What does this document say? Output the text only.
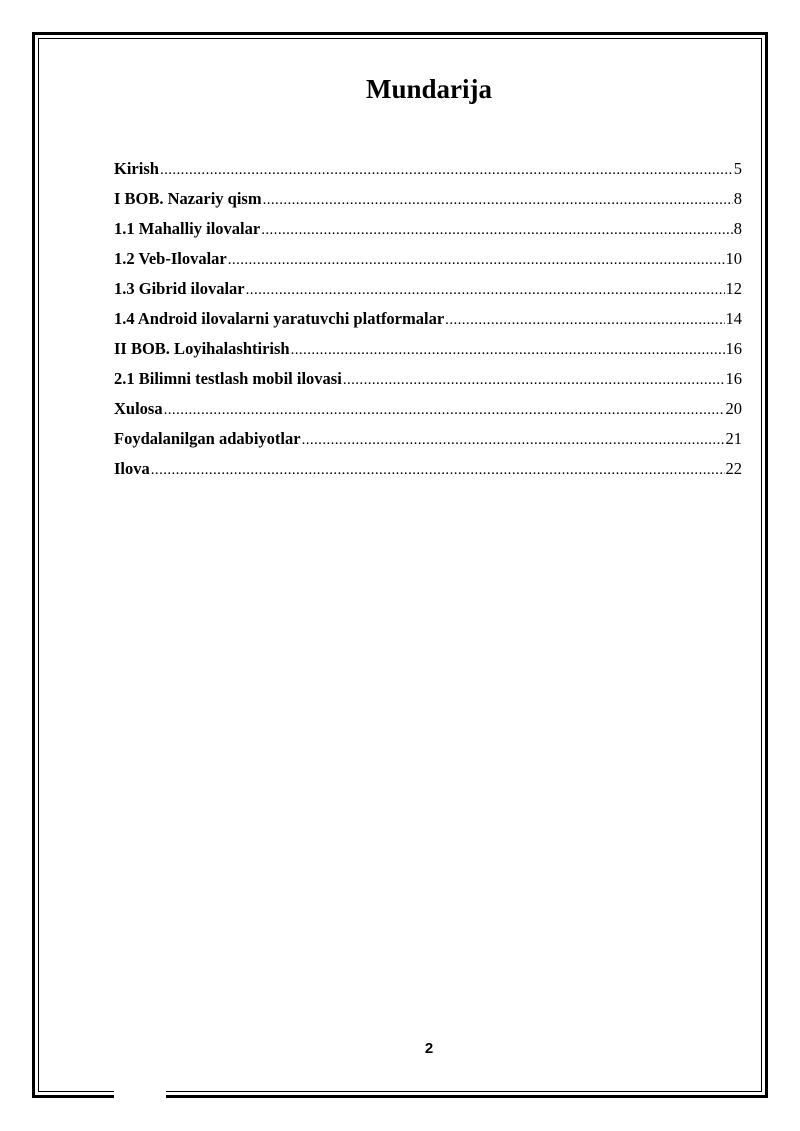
Mundarija
Kirish .....	5
I BOB. Nazariy qism .....	8
1.1 Mahalliy ilovalar .....	8
1.2 Veb-Ilovalar .....	10
1.3 Gibrid ilovalar .....	12
1.4 Android ilovalarni yaratuvchi platformalar .....	14
II BOB. Loyihalashtirish .....	16
2.1 Bilimni testlash mobil ilovasi .....	16
Xulosa .....	20
Foydalanilgan adabiyotlar .....	21
Ilova .....	22
2
